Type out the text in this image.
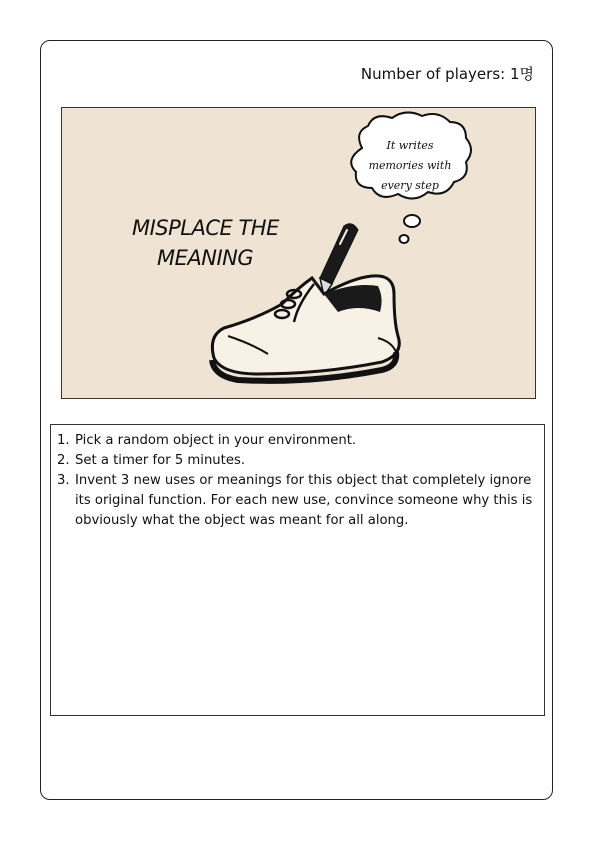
Number of players: 1명
MISPLACE THE
MEANING
It writes
memories with
every step
1. Pick a random object in your environment.
2. Set a timer for 5 minutes.
3. Invent 3 new uses or meanings for this object that completely ignore its original function. For each new use, convince someone why this is obviously what the object was meant for all along.
